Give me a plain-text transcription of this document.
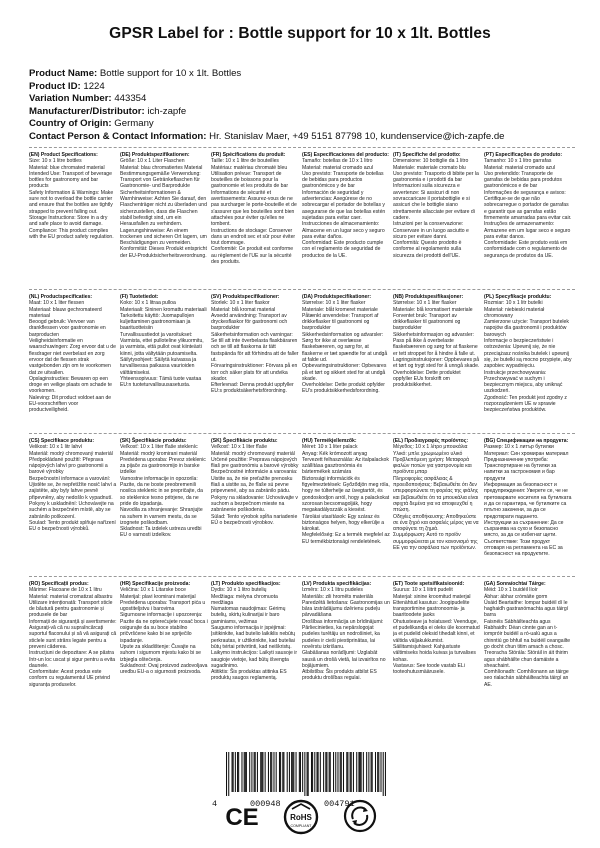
GPSR Label for : Bottle support for 10 x 1lt. Bottles
Product Name: Bottle support for 10 x 1lt. Bottles
Product ID: 1224
Variation Number: 443354
Manufacturer/Distributor: ich-zapfe
Country of Origin: Germany
Contact Person & Contact Information: Hr. Stanislav Maer, +49 5151 87798 10, kundenservice@ich-zapfe.de
(EN) Product Specifications:
Size: 10 x 1 litre bottles
Material: blue chromated material
Intended Use: Transport of beverage bottles for gastronomy and bar products
Safety Information & Warnings: Make sure not to overload the bottle carrier and ensure that the bottles are tightly strapped to prevent falling out.
Storage Instructions: Store in a dry and safe place to avoid damage.
Compliance: This product complies with the EU product safety regulation.
(DE) Produktspezifikationen:
Größe: 10 x 1 Liter Flaschen
Material: blau chromatiertes Material
Bestimmungsgemäße Verwendung: Transport von Getränkeflaschen für Gastronomie- und Barprodukte
Sicherheitsinformationen & Warnhinweise: Achten Sie darauf, den Flaschenträger nicht zu überladen und sicherzustellen, dass die Flaschen stabil befestigt sind, um ein Herausfallen zu verhindern.
Lagerungshinweise: An einem trockenen und sicheren Ort lagern, um Beschädigungen zu vermeiden.
Konformität: Dieses Produkt entspricht der EU-Produktsicherheitsverordnung.
(FR) Spécifications du produit:
Taille: 10 x 1 litre de bouteilles
Matériau: matériau chromaté bleu
Utilisation prévue: Transport de bouteilles de boissons pour la gastronomie et les produits de bar
Informations de sécurité et avertissements: Assurez-vous de ne pas surcharger le porte-bouteille et de s'assurer que les bouteilles sont bien attachées pour éviter qu'elles ne tombent.
Instructions de stockage: Conserver dans un endroit sec et sûr pour éviter tout dommage.
Conformité: Ce produit est conforme au règlement de l'UE sur la sécurité des produits.
(ES) Especificaciones del producto:
Tamaño: botellas de 10 x 1 litro
Material: material cromado azul
Uso previsto: Transporte de botellas de bebidas para productos gastronómicos y de bar
Información de seguridad y advertencias: Asegúrese de no sobrecargar el portador de botellas y asegurarse de que las botellas estén sujetadas para evitar caer.
Instrucciones de almacenamiento: Almacene en un lugar seco y seguro para evitar daños.
Conformidad: Este producto cumple con el reglamento de seguridad de productos de la UE.
(IT) Specifiche del prodotto:
Dimensione: 10 bottiglie da 1 litro
Materiale: materiale cromato blu
Uso previsto: Trasporto di bibite per la gastronomia e i prodotti da bar
Informazioni sulla sicurezza e avvertenze: Si assicuri di non sovraccaricare il portabottiglie e si assicuri che le bottiglie siano strettamente allacciate per evitare di cadere.
Istruzioni per la conservazione: Conservare in un luogo asciutto e sicuro per evitare danni.
Conformità: Questo prodotto è conforme al regolamento sulla sicurezza dei prodotti dell'UE.
(PT) Especificações do produto:
Tamanho: 10 x 1 litro garrafas
Material: material cromado azul
Uso pretendido: Transporte de garrafas de bebidas para produtos gastronómicos e de bar
Informações de segurança e avisos: Certifique-se de que não sobrecarregue o portador de garrafas e garantir que as garrafas estão firmemente amarradas para evitar cair.
Instruções de armazenamento: Armazene em um lugar seco e seguro para evitar danos.
Conformidade: Este produto está em conformidade com o regulamento de segurança de produtos da UE.
(NL) Productspecificaties:
Maat: 10 x 1 liter flessen
Materiaal: blauw gechromateerd materiaal
Beoogd gebruik: Vervoer van drankflessen voor gastronomie en barproducten
Veiligheidsinformatie en waarschuwingen: Zorg ervoor dat u de flesdrager niet overbelast en zorg ervoor dat de flessen strak vastgebonden zijn om te voorkomen dat ze uitvallen.
Opslaginstructies: Bewaren op een droge en veilige plaats om schade te voorkomen.
Naleving: Dit product voldoet aan de EU-voorschriften voor productveiligheid.
(FI) Tuotetiedot:
Koko: 10 x 1 litraa pulloa
Materiaali: Sininen kromattu materiaali
Tarkoitettu käyttö: Juomapullojen kuljettaminen gastronomiaan ja baarituotteisiin
Turvallisuustiedot ja varoitukset: Varmista, ettei pulloteline ylikuormitu, ja varmista, että pullot ovat kiinteästi kiinni, jotta vältytään putoamiselta.
Säilytysohjeet: Säilytä kuivassa ja turvallisessa paikassa vaurioiden välttämiseksi.
Yhteensopivuus: Tämä tuote vastaa EU:n tuoteturvallisuusasetusta.
(SV) Produktspecifikationer:
Storlek: 10 x 1 liter flaskor
Material: blå kromat material
Avsedd användning: Transport av dryckesflaskor för gastronomi och barprodukter
Säkerhetsinformation och varningar: Se till att inte överbelasta flaskbäraren och se till att flaskorna är tätt fastspända för att förhindra att de faller ut.
Förvaringsinstruktioner: Förvara på en torr och säker plats för att undvika skador.
Efterlevnad: Denna produkt uppfyller EU:s produktsäkerhetsförordning.
(DA) Produktspecifikationer:
Størrelse: 10 x 1 liter flasker
Materiale: blåt kromeret materiale
Påtænkt anvendelse: Transport af drikkeflasker til gastronomi og barprodukter
Sikkerhedsinformation og advarsler: Sørg for ikke at overlæsse flaskebæreren, og sørg for, at flaskerne er tæt spændte for at undgå at falde ud.
Opbevaringsinstruktioner: Opbevares på et tørt og sikkert sted for at undgå skade.
Overholdelse: Dette produkt opfylder EU's produktsikkerhedsforordning.
(NB) Produktspesifikasjoner:
Størrelse: 10 x 1 liter flasker
Materiale: blå kromatisert materiale
Forventet bruk: Transport av drikkeflasker til gastronomi og barprodukter
Sikkerhetsinformasjon og advarsler: Pass på ikke å overbelaste flaskebæreren og sørg for at flaskene er tett stroppet for å hindre å falle ut.
Lagringsinstruksjoner: Oppbevares på et tørt og trygt sted for å unngå skade.
Overholdelse: Dette produktet oppfyller EUs forskrift om produktsikkerhet.
(PL) Specyfikacje produktu:
Rozmiar: 10 x 1 litr butelki
Materiał: niebieski materiał chromowany
Zamierzone użycie: Transport butelek napojów dla gastronomii i produktów barowych
Informacje o bezpieczeństwie i ostrzeżenia: Upewnij się, że nie przeciążasz nośnika butelek i upewnij się, że butelki są mocno przypięte, aby zapobiec wypadnięciu.
Instrukcje przechowywania: Przechowywać w suchym i bezpiecznym miejscu, aby uniknąć uszkodzeń.
Zgodność: Ten produkt jest zgodny z rozporządzeniem UE w sprawie bezpieczeństwa produktów.
(CS) Specifikace produktu:
Velikost: 10 x 1 litr lahví
Materiál: modrý chromovaný materiál
Předpokládané použití: Přeprava nápojových lahví pro gastronomii a barové výrobky
Bezpečnostní informace a varování: Ujistěte se, že nepřetížíte nosič lahví a zajistěte, aby byly lahve pevně připevněny, aby nedošlo k vypadnutí.
Pokyny k uskladnění: Uchovávejte na suchém a bezpečném místě, aby se zabránilo poškození.
Soulad: Tento produkt splňuje nařízení EU o bezpečnosti výrobků.
(SK) Špecifikácie produktu:
Veľkosť: 10 x 1 liter fľaše stekleníc
Materiál: modrý kromirani materiál
Predvidena uporaba: Prevoz steklenic za pijače za gastronomijo in barske izdelke
Varnostne informacije in opozorila: Pazite, da ne boste preobremenili nosilca steklenic in se prepričajte, da so steklenice tesno pritrjene, da ne pride do izpadanja.
Navodila za shranjevanje: Shranjujte na suhem in varnem mestu, da se izognete poškodbam.
Skladnost: Ta izdelek ustreza uredbi EU o varnosti izdelkov.
(SK) Špecifikácie produktu:
Veľkosť: 10 x 1 liter fľaše
Materiál: modrý chromovaný materiál
Určené použitie: Preprava nápojových fliaš pre gastronómiu a barové výrobky
Bezpečnostné informácie a varovania: Uistite sa, že nie preťažíte prenosku fliaš a uistite sa, že fľaše sú pevne pripevnené, aby sa zabránilo pádu.
Pokyny na skladovanie: Uchovávajte v suchom a bezpečnom mieste na zabránenie poškodeniu.
Súlad: Tento výrobok spĺňa nariadenie EÚ o bezpečnosti výrobkov.
(HU) Termékjellemzők:
Méret: 10 x 1 liter palack
Anyag: Kék krómozott anyag
Tervezett felhasználás: Az italpalackok szállítása gasztronómia és bártermékek számára
Biztonsági információk és figyelmeztetések: Győződjön meg róla, hogy ne túlterhelje az üvegtartót, és gondoskodjon arról, hogy a palackokat szorosan becsomagolják, hogy megakadályozzák a kiesést.
Tárolási utasítások: Egy száraz és biztonságos helyen, hogy elkerülje a károkat.
Megfelelőség: Ez a termék megfelel az EU termékbiztonsági rendeletének.
(EL) Προδιαγραφές προϊόντος:
Μέγεθος: 10 x 1 λίτρο μπουκάλια
Υλικό: μπλε χρωμιωμένο υλικό
Προβλεπόμενη χρήση: Μεταφορά φιαλών ποτών για γαστρονομία και προϊόντα μπαρ
Πληροφορίες ασφάλειας & προειδοποιήσεις: Βεβαιωθείτε ότι δεν υπερφορτώνετε τη φορέας της φιάλης και βεβαιωθείτε ότι τα μπουκάλια είναι σφιχτά δεμένα για να αποφευχθεί η πτώση.
Οδηγίες αποθήκευσης: Αποθηκεύστε σε ένα ξηρό και ασφαλές μέρος για να αποφύγετε τη ζημιά.
Συμμόρφωση: Αυτό το προϊόν συμμορφώνεται με τον κανονισμό της ΕΕ για την ασφάλεια των προϊόντων.
(BG) Спецификации на продукта:
Размер: 10 x 1 литър бутилки
Материал: Син хромиран материал
Предназначение употреба: Транспортиране на бутилки за напитки за гастрономия и бар продукти
Информация за безопасност и предупреждения: Уверете се, че не претоварвате носителя на бутилката и да се гарантира, че бутилките са плътно закачени, за да се предотврати падането.
Инструкции за съхранение: Да се съхранява на сухо и безопасно място, за да се избегнат щети.
Съответствие: Този продукт отговаря на регламента на ЕС за безопасност на продуктите.
(RO) Specificații produs:
Mărime: Flacoane de 10 x 1 litru
Material: material cromatizat albastru
Utilizare intenționată: Transport sticle de băutură pentru gastronomie și produsele de bar
Informații de siguranță și avertismente: Asigurați-vă că nu supraîncărcați suportul flaconului și să vă asigurați că sticlele sunt strâns legate pentru a preveni căderea.
Instrucțiuni de depozitare: A se păstra într-un loc uscat și sigur pentru a evita daunele.
Conformitate: Acest produs este conform cu regulamentul UE privind siguranța produselor.
(HR) Specifikacije proizvoda:
Veličina: 10 x 1 Litarske boce
Materijal: plavi kromirani materijal
Predviđena uporaba: Transport pića u ugostiteljstvu i barovima
Sigurnosne informacije i upozorenja: Pazite da ne opterećujete nosač boca i osigurajte da su boce stabilno pričvršćene kako bi se spriječilo ispadanje.
Upute za skladištenje: Čuvajte na suhom i sigurnom mjestu kako bi se izbjegla oštećenja.
Sukladnost: Ovaj proizvod zadovoljava uredbu EU-a o sigurnosti proizvoda.
(LT) Produkto specifikacijos:
Dydis: 10 x 1 litro butelių
Medžiaga: mėlyna chromuota medžiaga
Numatomas naudojimas: Gėrimų butelių, skirtų kulinarijai ir baro gaminiams, vežimas
Saugumo informacija ir įspėjimai: Įsitikinkite, kad butelio laikiklis nebūtų perkrautas, ir užtikrinkite, kad buteliai būtų tvirtai pritvirtinti, kad neiškristų.
Laikymo instrukcijos: Laikyti sausoje ir saugioje vietoje, kad būtų išvengta sugadinimo.
Atitiktis: Šis produktas atitinka ES produktų saugos reglamentą.
(LV) Produkta specifikācijas:
Izmērs: 10 x 1 litru pudeles
Materiāls: zili hromēts materiāls
Paredzētā lietošana: Gastronomijas un bāra izstrādājumu dzērienu pudeļu pārvadāšana
Drošības informācija un brīdinājumi: Pārliecinieties, ka nepārslogojat pudeles turētāju un nodrošiniet, ka pudeles ir cieši piestiprinātas, lai novērstu izkrišanu.
Glabāšanas norādījumi: Uzglabāt sausā un drošā vietā, lai izvairītos no bojājumiem.
Atbilstība: Šis produkts atbilst ES produktu drošības regulai.
(ET) Toote spetsifikatsioonid:
Suurus: 10 x 1 liitrit pudelit
Materjal: sinine kroomitud materjal
Ettenähtud kasutus: Joogipudelite transportimine gastronoomia- ja baaritoodete jaoks
Ohutusteave ja hoiatused: Veenduge, et pudelikandja ei oleks üle koormatud ja et pudelid oleksid tihedalt kinni, et vältida väljakukkumist.
Säilitamisjuhised: Kahjustuste vältimiseks hoida kuivas ja turvalises kohas.
Vastavus: See toode vastab ELi tooteohutusmäärusele.
(GA) Sonraíochtaí Táirge:
Méid: 10 x 1 buidéil líoír
Ábhar: ábhar crómáite gorm
Úsáid Beartaithe: Iompar buidéil dí le haghaidh gastranómachta agus táirgí barra
Faisnéis Sábháilteachta agus Rabhaidh: Déan cinnte gan an t-iompróir buidéil a ró-ualú agus a chinntiú go bhfuil na buidéil ceangailte go docht chun titim amach a chosc.
Treoracha Stórála: Stóráil in áit thirim agus shábháilte chun damáiste a sheachaint.
Comhlíonadh: Comhlíonann an táirge seo rialachán sábháilteachta táirgí an AE.
4	000948	004791
CE	RoHS
COMPLIANT
